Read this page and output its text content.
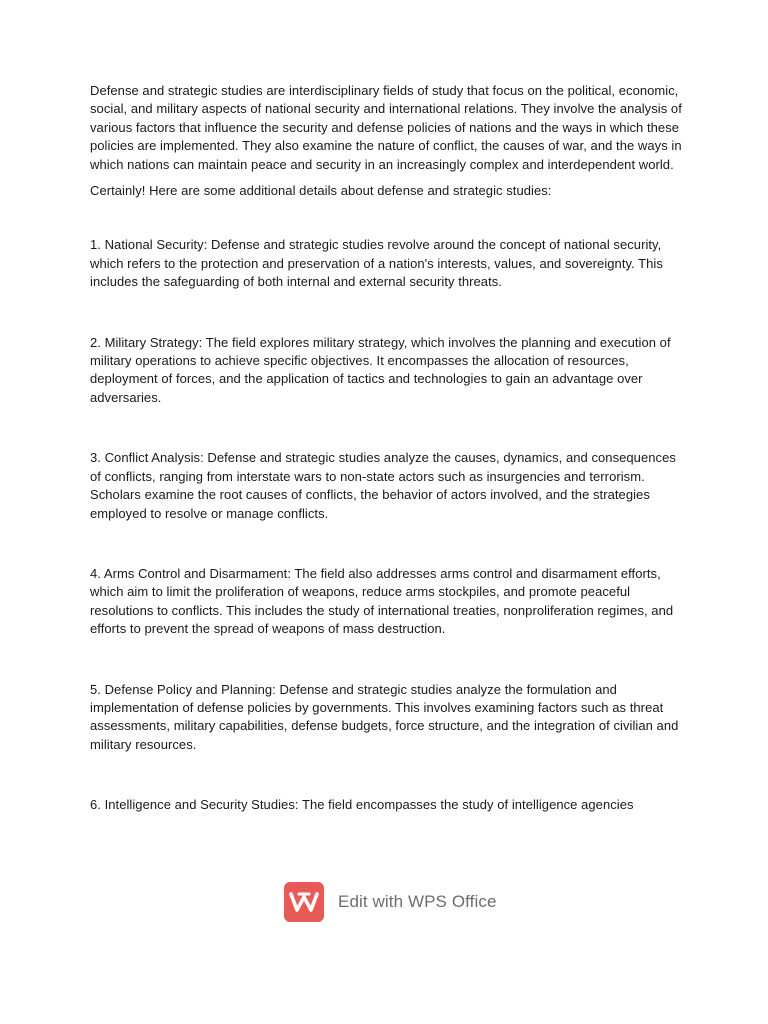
Defense and strategic studies are interdisciplinary fields of study that focus on the political, economic, social, and military aspects of national security and international relations. They involve the analysis of various factors that influence the security and defense policies of nations and the ways in which these policies are implemented. They also examine the nature of conflict, the causes of war, and the ways in which nations can maintain peace and security in an increasingly complex and interdependent world.

Certainly! Here are some additional details about defense and strategic studies:

1. National Security: Defense and strategic studies revolve around the concept of national security, which refers to the protection and preservation of a nation's interests, values, and sovereignty. This includes the safeguarding of both internal and external security threats.

2. Military Strategy: The field explores military strategy, which involves the planning and execution of military operations to achieve specific objectives. It encompasses the allocation of resources, deployment of forces, and the application of tactics and technologies to gain an advantage over adversaries.

3. Conflict Analysis: Defense and strategic studies analyze the causes, dynamics, and consequences of conflicts, ranging from interstate wars to non-state actors such as insurgencies and terrorism. Scholars examine the root causes of conflicts, the behavior of actors involved, and the strategies employed to resolve or manage conflicts.

4. Arms Control and Disarmament: The field also addresses arms control and disarmament efforts, which aim to limit the proliferation of weapons, reduce arms stockpiles, and promote peaceful resolutions to conflicts. This includes the study of international treaties, nonproliferation regimes, and efforts to prevent the spread of weapons of mass destruction.

5. Defense Policy and Planning: Defense and strategic studies analyze the formulation and implementation of defense policies by governments. This involves examining factors such as threat assessments, military capabilities, defense budgets, force structure, and the integration of civilian and military resources.

6. Intelligence and Security Studies: The field encompasses the study of intelligence agencies

Edit with WPS Office
